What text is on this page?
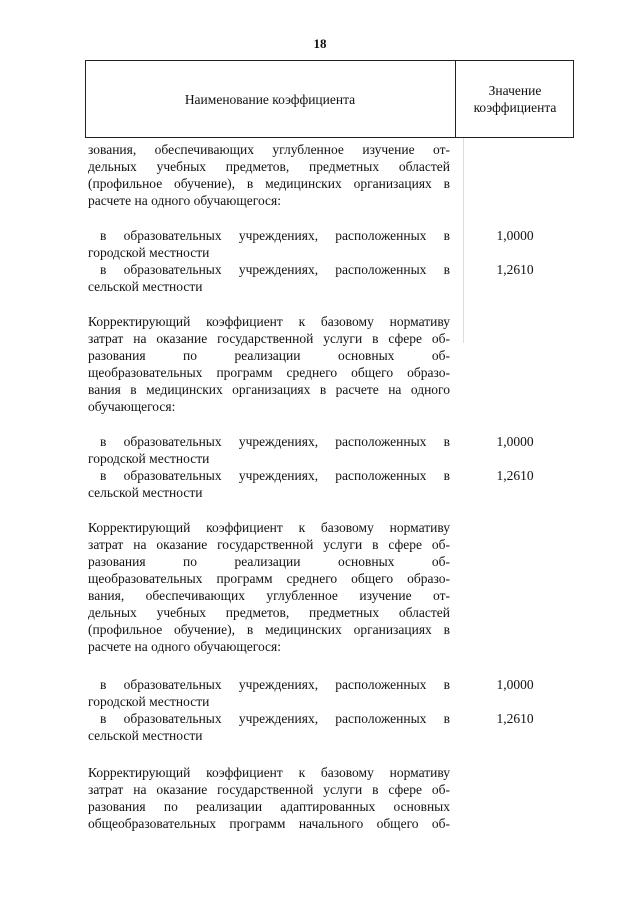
18
Наименование коэффициента
Значение
коэффициента
зования, обеспечивающих углубленное изучение от-
дельных учебных предметов, предметных областей
(профильное обучение), в медицинских организациях в
расчете на одного обучающегося:
в образовательных учреждениях, расположенных в
городской местности
1,0000
в образовательных учреждениях, расположенных в
сельской местности
1,2610
Корректирующий коэффициент к базовому нормативу
затрат на оказание государственной услуги в сфере об-
разования по реализации основных об-
щеобразовательных программ среднего общего образо-
вания в медицинских организациях в расчете на одного
обучающегося:
в образовательных учреждениях, расположенных в
городской местности
1,0000
в образовательных учреждениях, расположенных в
сельской местности
1,2610
Корректирующий коэффициент к базовому нормативу
затрат на оказание государственной услуги в сфере об-
разования по реализации основных об-
щеобразовательных программ среднего общего образо-
вания, обеспечивающих углубленное изучение от-
дельных учебных предметов, предметных областей
(профильное обучение), в медицинских организациях в
расчете на одного обучающегося:
в образовательных учреждениях, расположенных в
городской местности
1,0000
в образовательных учреждениях, расположенных в
сельской местности
1,2610
Корректирующий коэффициент к базовому нормативу
затрат на оказание государственной услуги в сфере об-
разования по реализации адаптированных основных
общеобразовательных программ начального общего об-
